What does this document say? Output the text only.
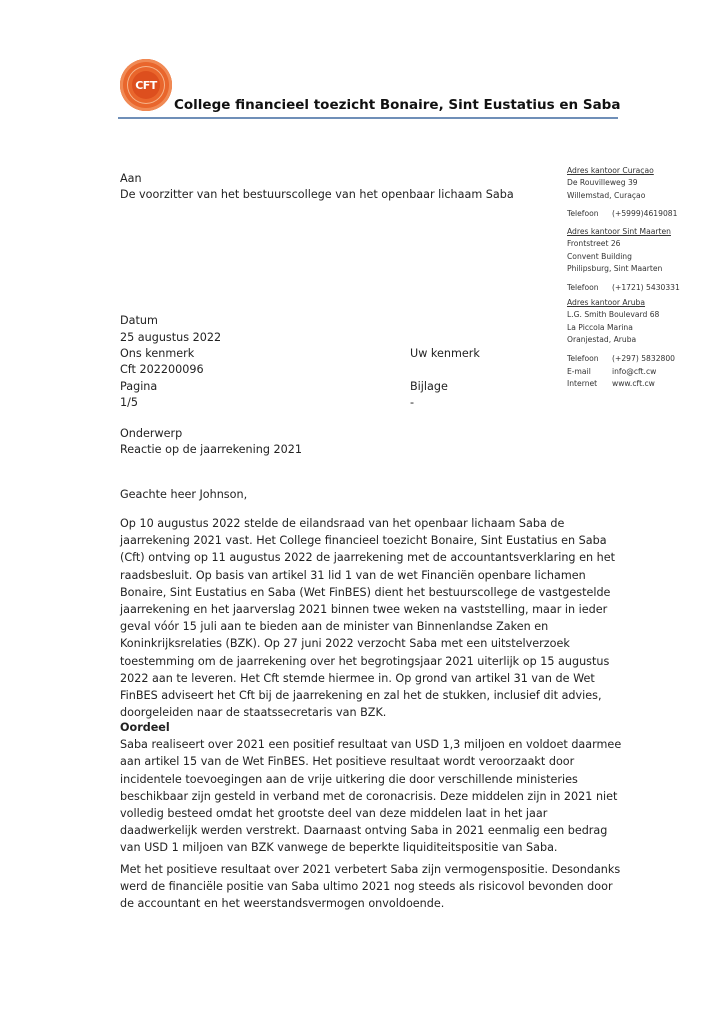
CFT
College financieel toezicht Bonaire, Sint Eustatius en Saba
Aan
De voorzitter van het bestuurscollege van het openbaar lichaam Saba
Adres kantoor Curaçao
De Rouvilleweg 39
Willemstad, Curaçao
Telefoon	(+5999)4619081
Adres kantoor Sint Maarten
Frontstreet 26
Convent Building
Philipsburg, Sint Maarten
Telefoon	(+1721) 5430331
Adres kantoor Aruba
L.G. Smith Boulevard 68
La Piccola Marina
Oranjestad, Aruba
Telefoon	(+297) 5832800
E-mail	info@cft.cw
Internet	www.cft.cw
Datum
25 augustus 2022
Ons kenmerk	Uw kenmerk
Cft 202200096
Pagina	Bijlage
1/5	-
Onderwerp
Reactie op de jaarrekening 2021
Geachte heer Johnson,

Op 10 augustus 2022 stelde de eilandsraad van het openbaar lichaam Saba de jaarrekening 2021 vast. Het College financieel toezicht Bonaire, Sint Eustatius en Saba (Cft) ontving op 11 augustus 2022 de jaarrekening met de accountantsverklaring en het raadsbesluit. Op basis van artikel 31 lid 1 van de wet Financiën openbare lichamen Bonaire, Sint Eustatius en Saba (Wet FinBES) dient het bestuurscollege de vastgestelde jaarrekening en het jaarverslag 2021 binnen twee weken na vaststelling, maar in ieder geval vóór 15 juli aan te bieden aan de minister van Binnenlandse Zaken en Koninkrijksrelaties (BZK). Op 27 juni 2022 verzocht Saba met een uitstelverzoek toestemming om de jaarrekening over het begrotingsjaar 2021 uiterlijk op 15 augustus 2022 aan te leveren. Het Cft stemde hiermee in. Op grond van artikel 31 van de Wet FinBES adviseert het Cft bij de jaarrekening en zal het de stukken, inclusief dit advies, doorgeleiden naar de staatssecretaris van BZK.

Oordeel

Saba realiseert over 2021 een positief resultaat van USD 1,3 miljoen en voldoet daarmee aan artikel 15 van de Wet FinBES. Het positieve resultaat wordt veroorzaakt door incidentele toevoegingen aan de vrije uitkering die door verschillende ministeries beschikbaar zijn gesteld in verband met de coronacrisis. Deze middelen zijn in 2021 niet volledig besteed omdat het grootste deel van deze middelen laat in het jaar daadwerkelijk werden verstrekt. Daarnaast ontving Saba in 2021 eenmalig een bedrag van USD 1 miljoen van BZK vanwege de beperkte liquiditeitspositie van Saba.

Met het positieve resultaat over 2021 verbetert Saba zijn vermogenspositie. Desondanks werd de financiële positie van Saba ultimo 2021 nog steeds als risicovol bevonden door de accountant en het weerstandsvermogen onvoldoende.
